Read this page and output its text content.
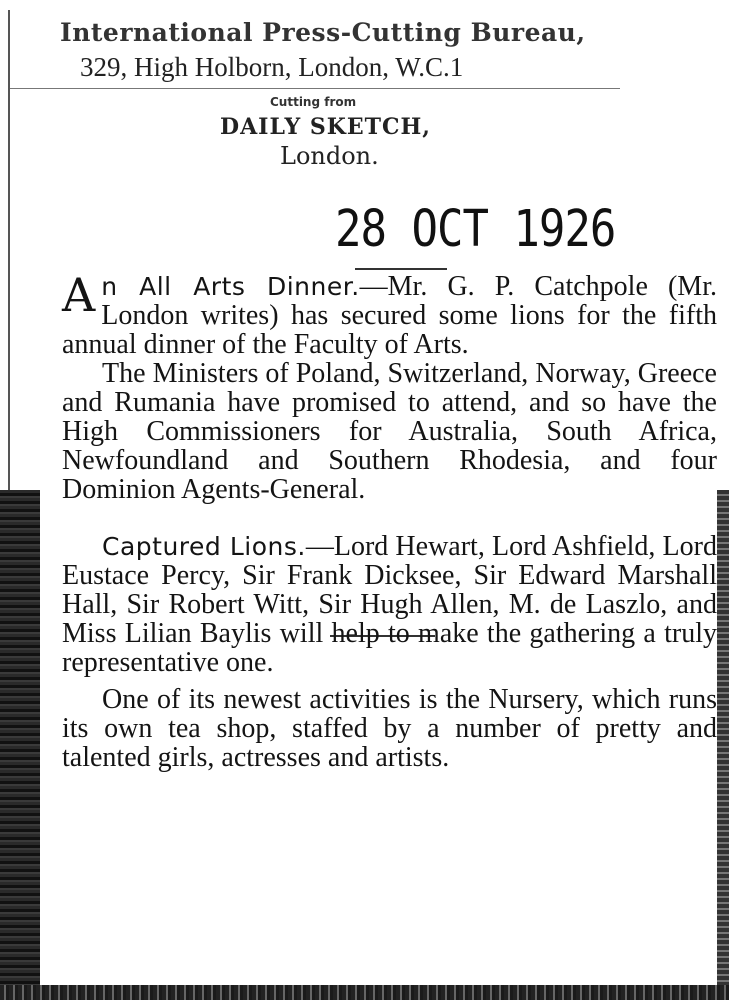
International Press-Cutting Bureau,
329, High Holborn, London, W.C.1
Cutting from
DAILY SKETCH,
London.
28 OCT 1926

An All Arts Dinner.—Mr. G. P. Catchpole (Mr. London writes) has secured some lions for the fifth annual dinner of the Faculty of Arts.

The Ministers of Poland, Switzerland, Norway, Greece and Rumania have promised to attend, and so have the High Commissioners for Australia, South Africa, Newfoundland and Southern Rhodesia, and four Dominion Agents-General.

Captured Lions.—Lord Hewart, Lord Ashfield, Lord Eustace Percy, Sir Frank Dicksee, Sir Edward Marshall Hall, Sir Robert Witt, Sir Hugh Allen, M. de Laszlo, and Miss Lilian Baylis will help to make the gathering a truly representative one.

One of its newest activities is the Nursery, which runs its own tea shop, staffed by a number of pretty and talented girls, actresses and artists.
